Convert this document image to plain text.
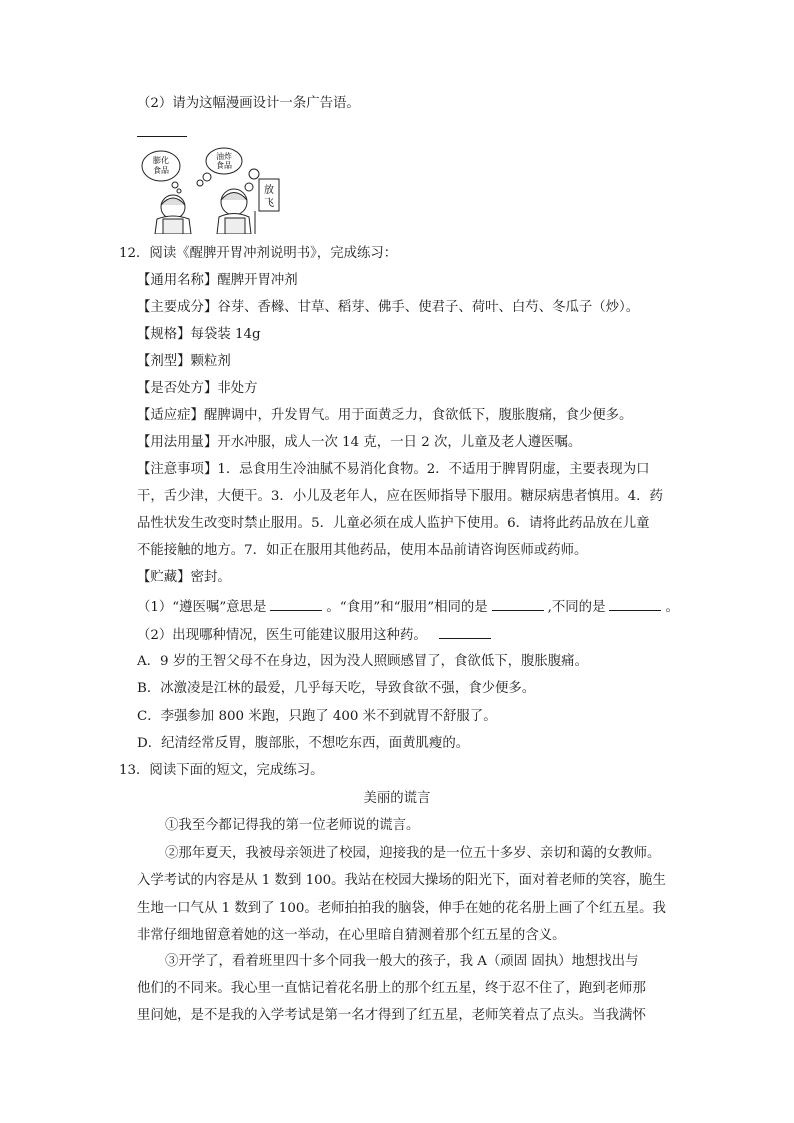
（2）请为这幅漫画设计一条广告语。
膨化
食品
油炸
食品
放
飞
12．阅读《醒脾开胃冲剂说明书》，完成练习：
【通用名称】醒脾开胃冲剂
【主要成分】谷芽、香橼、甘草、稻芽、佛手、使君子、荷叶、白芍、冬瓜子（炒）。
【规格】每袋装 14g
【剂型】颗粒剂
【是否处方】非处方
【适应症】醒脾调中，升发胃气。用于面黄乏力，食欲低下，腹胀腹痛，食少便多。
【用法用量】开水冲服，成人一次 14 克，一日 2 次，儿童及老人遵医嘱。
【注意事项】1．忌食用生冷油腻不易消化食物。2．不适用于脾胃阴虚，主要表现为口
干，舌少津，大便干。3．小儿及老年人，应在医师指导下服用。糖尿病患者慎用。4．药
品性状发生改变时禁止服用。5．儿童必须在成人监护下使用。6．请将此药品放在儿童
不能接触的地方。7．如正在服用其他药品，使用本品前请咨询医师或药师。
【贮藏】密封。
（1）“遵医嘱”意思是	。“食用”和“服用”相同的是	,不同的是	。
（2）出现哪种情况，医生可能建议服用这种药。
A．9 岁的王智父母不在身边，因为没人照顾感冒了，食欲低下，腹胀腹痛。
B．冰激凌是江林的最爱，几乎每天吃，导致食欲不强，食少便多。
C．李强参加 800 米跑，只跑了 400 米不到就胃不舒服了。
D．纪清经常反胃，腹部胀，不想吃东西，面黄肌瘦的。
13．阅读下面的短文，完成练习。
美丽的谎言
①我至今都记得我的第一位老师说的谎言。
②那年夏天，我被母亲领进了校园，迎接我的是一位五十多岁、亲切和蔼的女教师。
入学考试的内容是从 1 数到 100。我站在校园大操场的阳光下，面对着老师的笑容，脆生
生地一口气从 1 数到了 100。老师拍拍我的脑袋，伸手在她的花名册上画了个红五星。我
非常仔细地留意着她的这一举动，在心里暗自猜测着那个红五星的含义。
③开学了，看着班里四十多个同我一般大的孩子，我 A（顽固 固执）地想找出与
他们的不同来。我心里一直惦记着花名册上的那个红五星，终于忍不住了，跑到老师那
里问她，是不是我的入学考试是第一名才得到了红五星，老师笑着点了点头。当我满怀
